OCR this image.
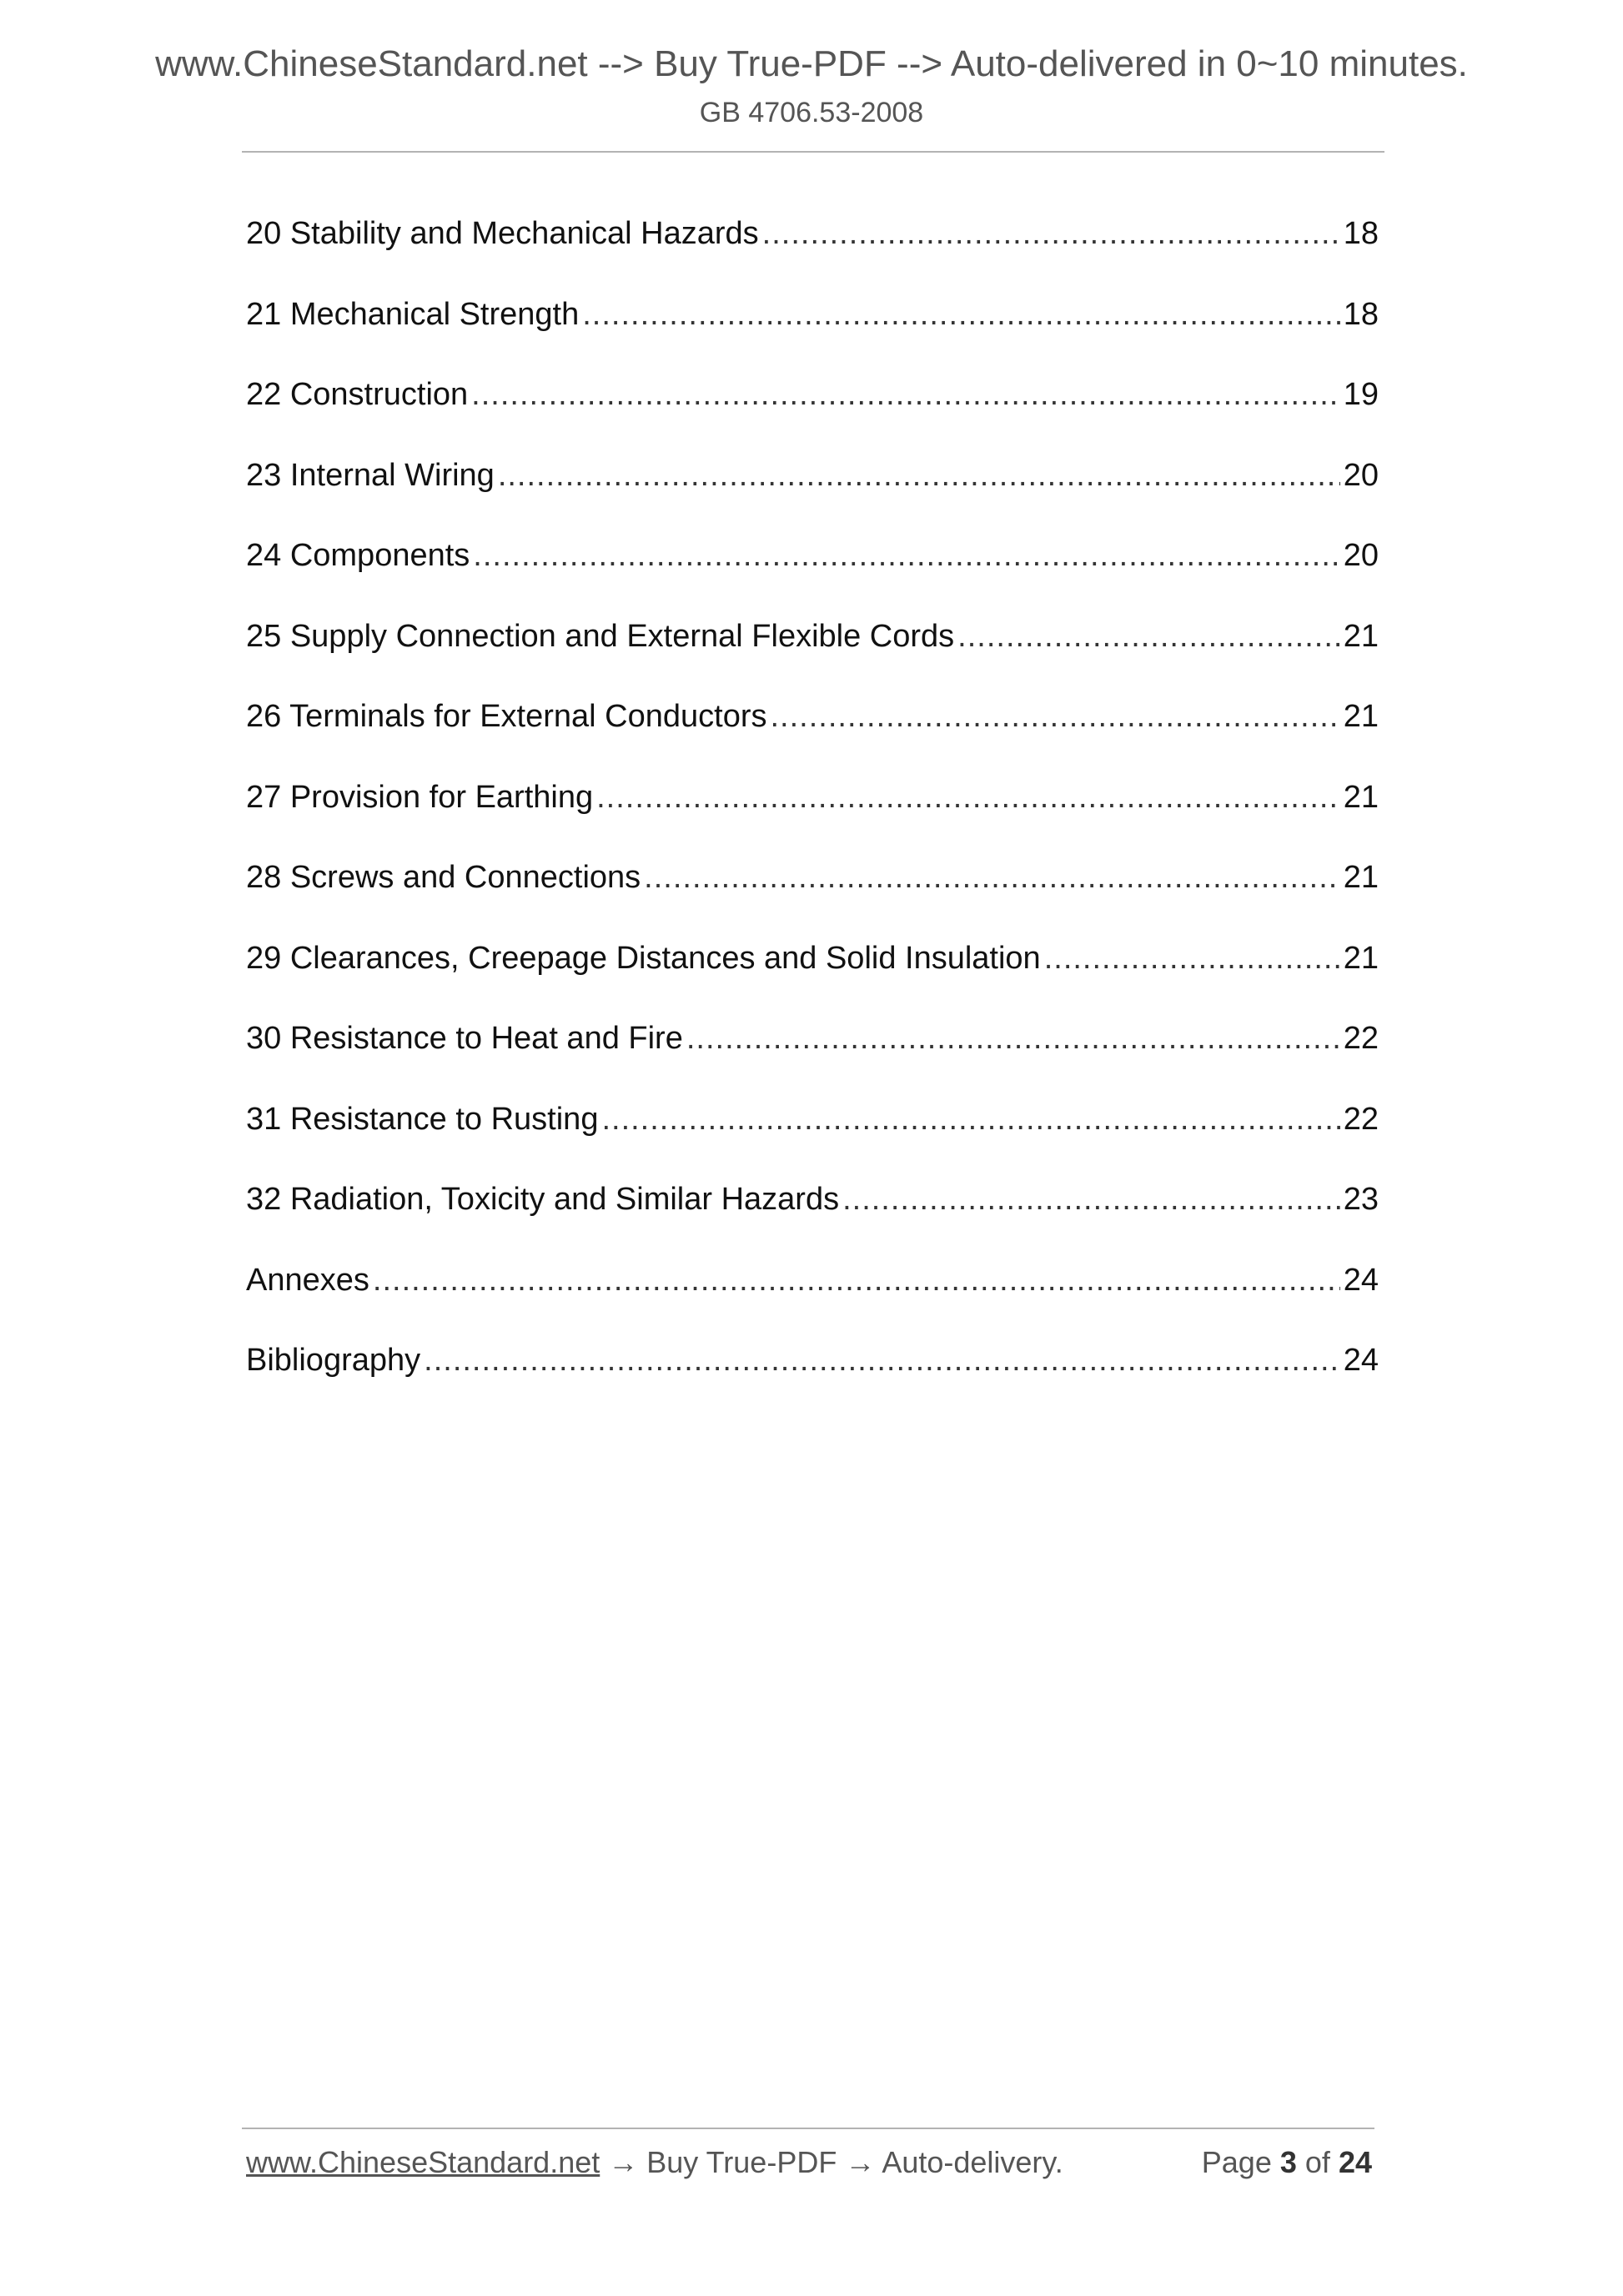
www.ChineseStandard.net --> Buy True-PDF --> Auto-delivered in 0~10 minutes.
GB 4706.53-2008
20 Stability and Mechanical Hazards .....	18
21 Mechanical Strength .....	18
22 Construction .....	19
23 Internal Wiring .....	20
24 Components .....	20
25 Supply Connection and External Flexible Cords .....	21
26 Terminals for External Conductors .....	21
27 Provision for Earthing .....	21
28 Screws and Connections .....	21
29 Clearances, Creepage Distances and Solid Insulation .....	21
30 Resistance to Heat and Fire .....	22
31 Resistance to Rusting .....	22
32 Radiation, Toxicity and Similar Hazards .....	23
Annexes .....	24
Bibliography .....	24
www.ChineseStandard.net → Buy True-PDF → Auto-delivery.	Page 3 of 24
